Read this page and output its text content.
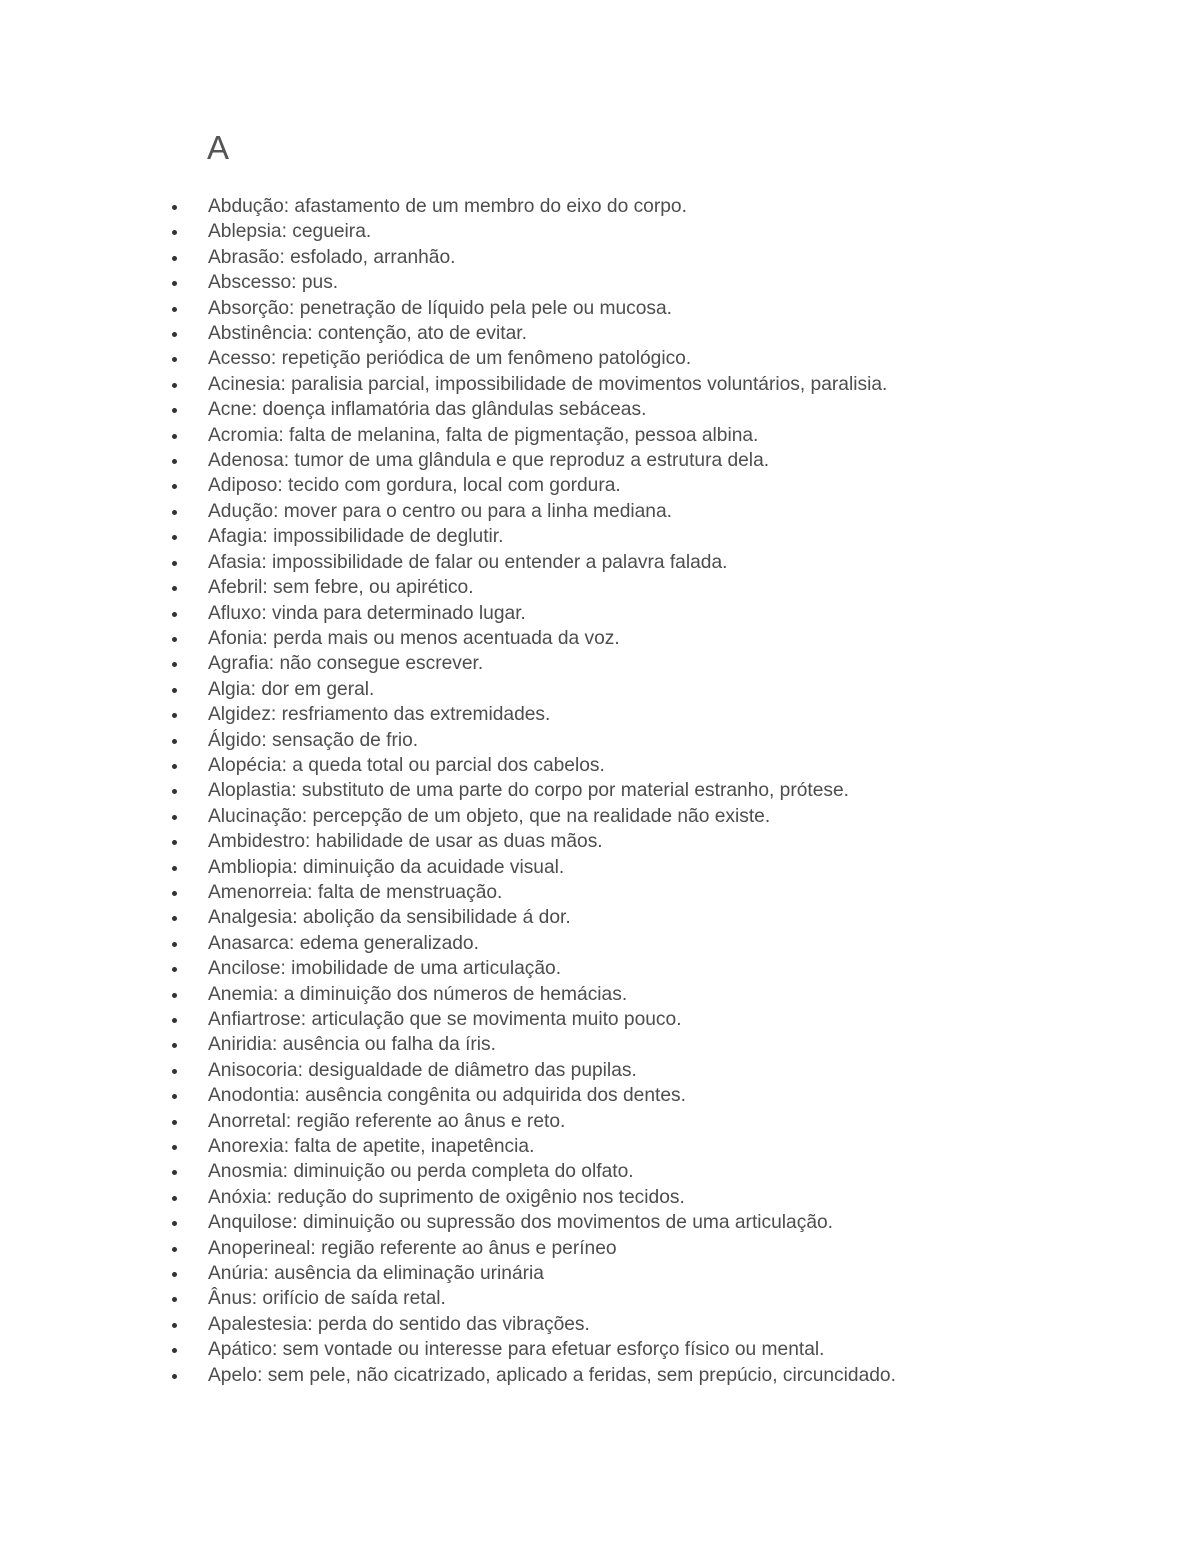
A
Abdução: afastamento de um membro do eixo do corpo.
Ablepsia: cegueira.
Abrasão: esfolado, arranhão.
Abscesso: pus.
Absorção: penetração de líquido pela pele ou mucosa.
Abstinência: contenção, ato de evitar.
Acesso: repetição periódica de um fenômeno patológico.
Acinesia: paralisia parcial, impossibilidade de movimentos voluntários, paralisia.
Acne: doença inflamatória das glândulas sebáceas.
Acromia: falta de melanina, falta de pigmentação, pessoa albina.
Adenosa: tumor de uma glândula e que reproduz a estrutura dela.
Adiposo: tecido com gordura, local com gordura.
Adução: mover para o centro ou para a linha mediana.
Afagia: impossibilidade de deglutir.
Afasia: impossibilidade de falar ou entender a palavra falada.
Afebril: sem febre, ou apirético.
Afluxo: vinda para determinado lugar.
Afonia: perda mais ou menos acentuada da voz.
Agrafia: não consegue escrever.
Algia: dor em geral.
Algidez: resfriamento das extremidades.
Álgido: sensação de frio.
Alopécia: a queda total ou parcial dos cabelos.
Aloplastia: substituto de uma parte do corpo por material estranho, prótese.
Alucinação: percepção de um objeto, que na realidade não existe.
Ambidestro: habilidade de usar as duas mãos.
Ambliopia: diminuição da acuidade visual.
Amenorreia: falta de menstruação.
Analgesia: abolição da sensibilidade á dor.
Anasarca: edema generalizado.
Ancilose: imobilidade de uma articulação.
Anemia: a diminuição dos números de hemácias.
Anfiartrose: articulação que se movimenta muito pouco.
Aniridia: ausência ou falha da íris.
Anisocoria: desigualdade de diâmetro das pupilas.
Anodontia: ausência congênita ou adquirida dos dentes.
Anorretal: região referente ao ânus e reto.
Anorexia: falta de apetite, inapetência.
Anosmia: diminuição ou perda completa do olfato.
Anóxia: redução do suprimento de oxigênio nos tecidos.
Anquilose: diminuição ou supressão dos movimentos de uma articulação.
Anoperineal: região referente ao ânus e períneo
Anúria: ausência da eliminação urinária
Ânus: orifício de saída retal.
Apalestesia: perda do sentido das vibrações.
Apático: sem vontade ou interesse para efetuar esforço físico ou mental.
Apelo: sem pele, não cicatrizado, aplicado a feridas, sem prepúcio, circuncidado.
